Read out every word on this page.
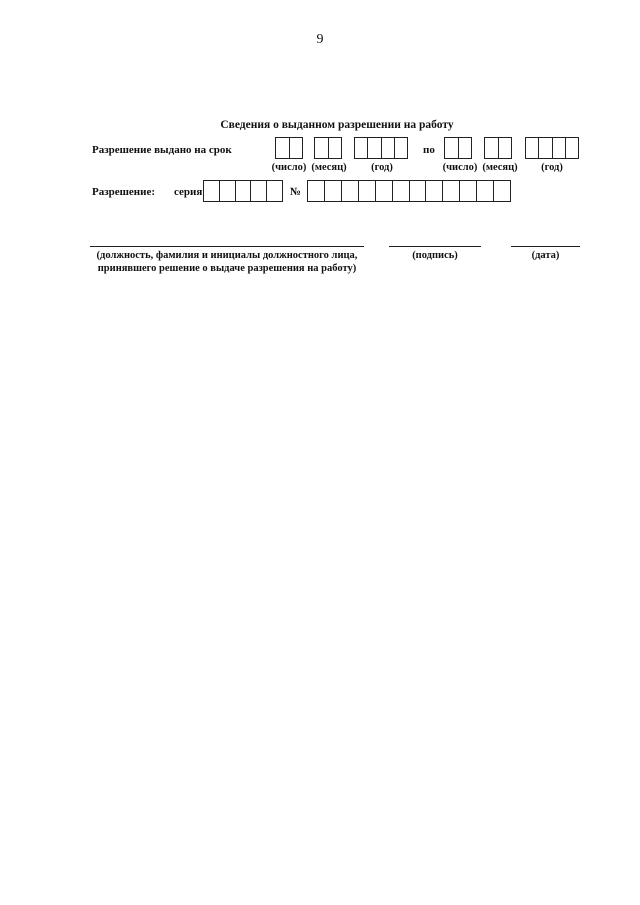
9
Сведения о выданном разрешении на работу
Разрешение выдано на срок	по
(число) (месяц)	(год)	(число) (месяц)	(год)
Разрешение: серия	№
(должность, фамилия и инициалы должностного лица,
принявшего решение о выдаче разрешения на работу)
(подпись)	(дата)
